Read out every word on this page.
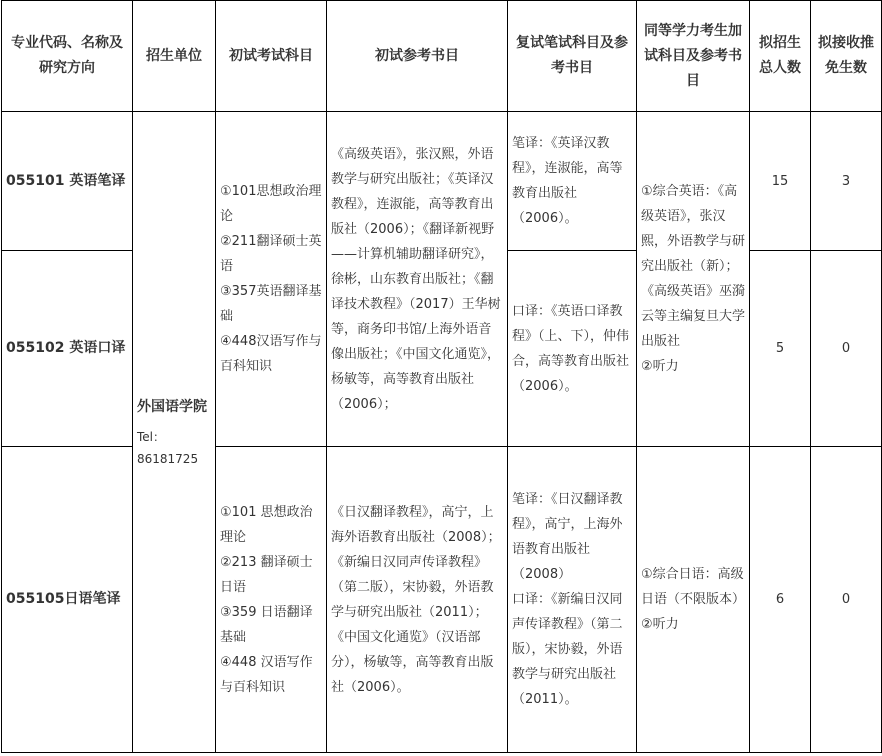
专业代码、名称及研究方向	招生单位	初试考试科目	初试参考书目	复试笔试科目及参考书目	同等学力考生加试科目及参考书目	拟招生总人数	拟接收推免生数
055101 英语笔译	外国语学院
Tel：
86181725	①101思想政治理论
②211翻译硕士英语
③357英语翻译基础
④448汉语写作与百科知识	《高级英语》，张汉熙，外语教学与研究出版社；《英译汉教程》，连淑能，高等教育出版社（2006）；《翻译新视野——计算机辅助翻译研究》，徐彬，山东教育出版社；《翻译技术教程》（2017）王华树等，商务印书馆/上海外语音像出版社；《中国文化通览》，杨敏等，高等教育出版社（2006）；	笔译：《英译汉教程》，连淑能，高等教育出版社（2006）。	①综合英语：《高级英语》，张汉熙，外语教学与研究出版社（新）；《高级英语》巫漪云等主编复旦大学出版社
②听力	15	3
055102 英语口译				口译：《英语口译教程》（上、下），仲伟合，高等教育出版社（2006）。		5	0
055105日语笔译		①101 思想政治理论
②213 翻译硕士日语
③359 日语翻译基础
④448 汉语写作与百科知识	《日汉翻译教程》，高宁，上海外语教育出版社（2008）；《新编日汉同声传译教程》（第二版），宋协毅，外语教学与研究出版社（2011）；《中国文化通览》（汉语部分），杨敏等，高等教育出版社（2006）。	笔译：《日汉翻译教程》，高宁，上海外语教育出版社（2008）
口译：《新编日汉同声传译教程》（第二版），宋协毅，外语教学与研究出版社（2011）。	①综合日语：高级日语（不限版本）
②听力	6	0
